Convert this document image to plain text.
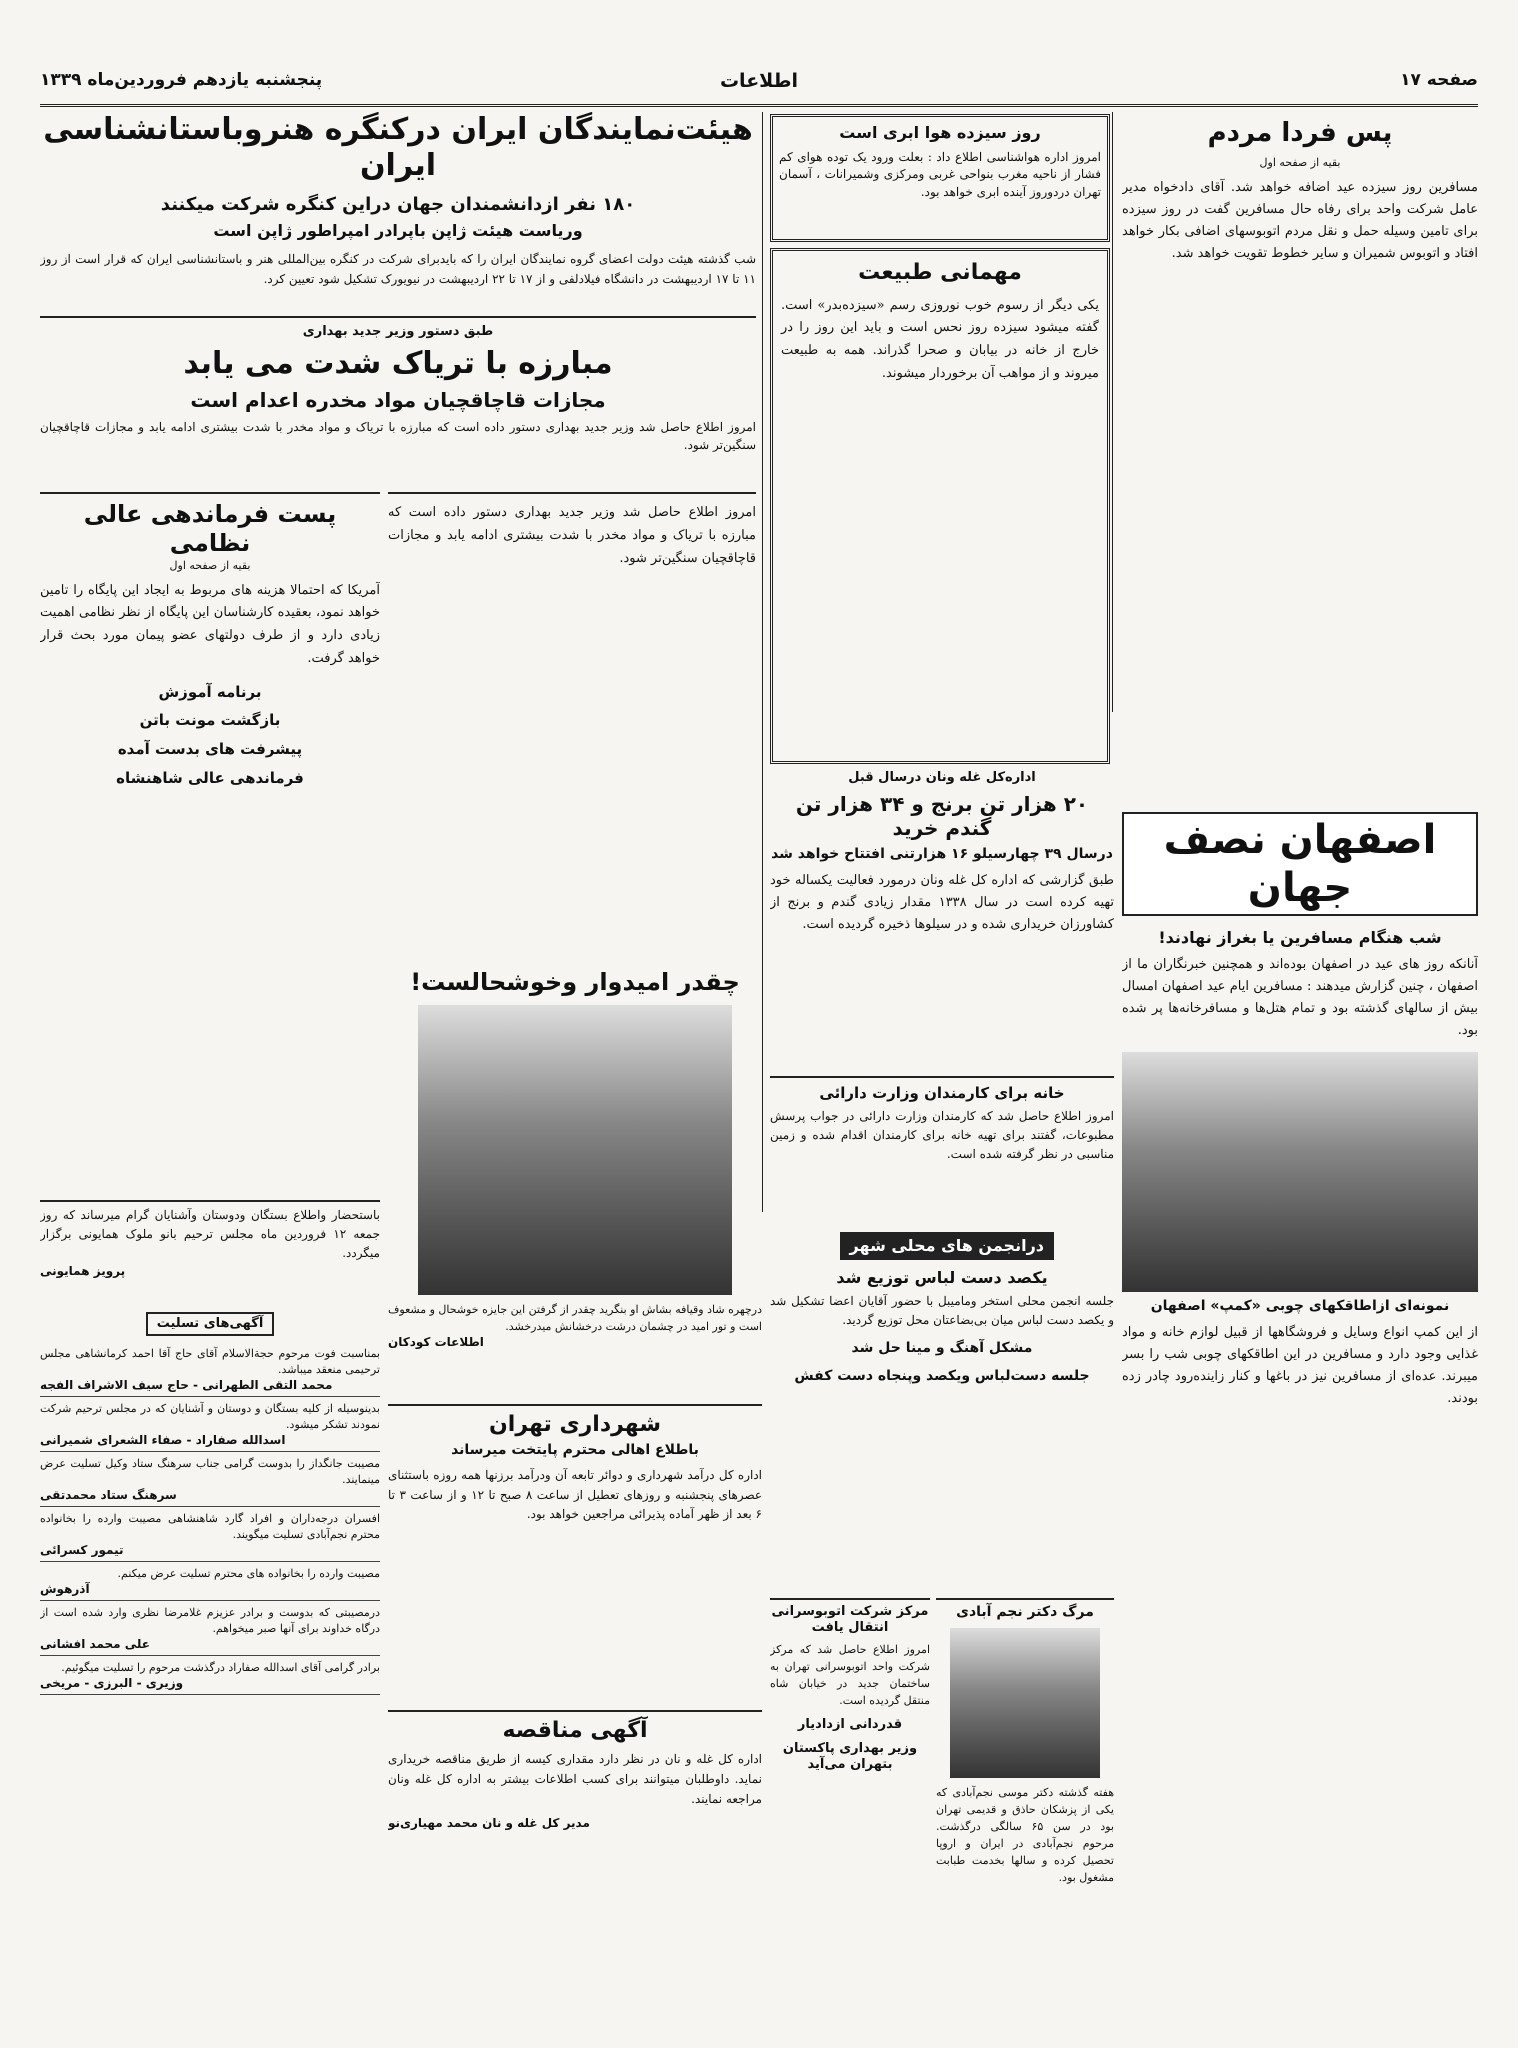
صفحه ۱۷
اطلاعات
پنجشنبه یازدهم فروردین‌ماه ۱۳۳۹
پس فردا مردم
بقیه از صفحه اول
مسافرین روز سیزده عید اضافه خواهد شد. آقای دادخواه مدیر عامل شرکت واحد برای رفاه حال مسافرین گفت در روز سیزده برای تامین وسیله حمل و نقل مردم اتوبوسهای اضافی بکار خواهد افتاد و اتوبوس شمیران و سایر خطوط تقویت خواهد شد.
روز سیزده هوا ابری است
امروز اداره هواشناسی اطلاع داد : بعلت ورود یک توده هوای کم فشار از ناحیه مغرب بنواحی غربی ومرکزی وشمیرانات ، آسمان تهران دردوروز آینده ابری خواهد بود.
مهمانی طبیعت
یکی دیگر از رسوم خوب نوروزی رسم «سیزده‌بدر» است. گفته میشود سیزده روز نحس است و باید این روز را در خارج از خانه در بیابان و صحرا گذراند. همه به طبیعت میروند و از مواهب آن برخوردار میشوند.
هیئت‌نمایندگان ایران درکنگره هنروباستانشناسی ایران
۱۸۰ نفر ازدانشمندان جهان دراین کنگره شرکت میکنند
وریاست هیئت ژاپن باپرادر امپراطور ژاپن است
شب گذشته هیئت دولت اعضای گروه نمایندگان ایران را که بایدبرای شرکت در کنگره بین‌المللی هنر و باستانشناسی ایران که قرار است از روز ۱۱ تا ۱۷ اردیبهشت در دانشگاه فیلادلفی و از ۱۷ تا ۲۲ اردیبهشت در نیویورک تشکیل شود تعیین کرد.
طبق دستور وزیر جدید بهداری
مبارزه با تریاک شدت می یابد
مجازات قاچاقچیان مواد مخدره اعدام است
امروز اطلاع حاصل شد وزیر جدید بهداری دستور داده است که مبارزه با تریاک و مواد مخدر با شدت بیشتری ادامه یابد و مجازات قاچاقچیان سنگین‌تر شود.
پست فرماندهی عالی نظامی
بقیه از صفحه اول
آمریکا که احتمالا هزینه های مربوط به ایجاد این پایگاه را تامین خواهد نمود، بعقیده کارشناسان این پایگاه از نظر نظامی اهمیت زیادی دارد و از طرف دولتهای عضو پیمان مورد بحث قرار خواهد گرفت.
برنامه آموزش
بازگشت مونت باتن
پیشرفت های بدست آمده
فرماندهی عالی شاهنشاه
امروز اطلاع حاصل شد وزیر جدید بهداری دستور داده است که مبارزه با تریاک و مواد مخدر با شدت بیشتری ادامه یابد و مجازات قاچاقچیان سنگین‌تر شود.
اصفهان نصف جهان
شب هنگام مسافرین یا بغراز نهادند!
آنانکه روز های عید در اصفهان بوده‌اند و همچنین خبرنگاران ما از اصفهان ، چنین گزارش میدهند : مسافرین ایام عید اصفهان امسال بیش از سالهای گذشته بود و تمام هتل‌ها و مسافرخانه‌ها پر شده بود.
نمونه‌ای ازاطاقکهای چوبی «کمپ» اصفهان
از این کمپ انواع وسایل و فروشگاهها از قبیل لوازم خانه و مواد غذایی وجود دارد و مسافرین در این اطاقکهای چوبی شب را بسر میبرند. عده‌ای از مسافرین نیز در باغها و کنار زاینده‌رود چادر زده بودند.
اداره‌کل غله ونان درسال قبل
۲۰ هزار تن برنج و ۳۴ هزار تن گندم خرید
درسال ۳۹ چهارسیلو ۱۶ هزارتنی افتتاح خواهد شد
طبق گزارشی که اداره کل غله ونان درمورد فعالیت یکساله خود تهیه کرده است در سال ۱۳۳۸ مقدار زیادی گندم و برنج از کشاورزان خریداری شده و در سیلوها ذخیره گردیده است.
خانه برای کارمندان وزارت دارائی
امروز اطلاع حاصل شد که کارمندان وزارت دارائی در جواب پرسش مطبوعات، گفتند برای تهیه خانه برای کارمندان اقدام شده و زمین مناسبی در نظر گرفته شده است.
چقدر امیدوار وخوشحالست!
درچهره شاد وقیافه بشاش او بنگرید چقدر از گرفتن این جایزه خوشحال و مشعوف است و تور امید در چشمان درشت درخشانش میدرخشد.
اطلاعات کودکان
درانجمن های محلی شهر
یکصد دست لباس توزیع شد
جلسه انجمن محلی استخر ومامیبل با حضور آقایان اعضا تشکیل شد و یکصد دست لباس میان بی‌بضاعتان محل توزیع گردید.
مشکل آهنگ و مینا حل شد
جلسه دست‌لباس ویکصد وپنجاه دست کفش
آگهی‌های تسلیت
بمناسبت فوت مرحوم حجةالاسلام آقای حاج آقا احمد کرمانشاهی مجلس ترحیمی منعقد میباشد.
محمد التقی الطهرانی - حاج سیف الاشراف الفجه
بدینوسیله از کلیه بستگان و دوستان و آشنایان که در مجلس ترحیم شرکت نمودند تشکر میشود.
اسدالله صفاراد - صفاء الشعرای شمیرانی
مصیبت جانگداز را بدوست گرامی جناب سرهنگ ستاد وکیل تسلیت عرض مینمایند.
سرهنگ ستاد محمدتقی
افسران درجه‌داران و افراد گارد شاهنشاهی مصیبت وارده را بخانواده محترم نجم‌آبادی تسلیت میگویند.
تیمور کسرائی
مصیبت وارده را بخانواده های محترم تسلیت عرض میکنم.
آذرهوش
درمصیبتی که بدوست و برادر عزیزم غلامرضا نظری وارد شده است از درگاه خداوند برای آنها صبر میخواهم.
علی محمد افشانی
برادر گرامی آقای اسدالله صفاراد درگذشت مرحوم را تسلیت میگوئیم.
وزیری - البرزی - مریخی
باستحضار واطلاع بستگان ودوستان وآشنایان گرام میرساند که روز جمعه ۱۲ فروردین ماه مجلس ترحیم بانو ملوک همایونی برگزار میگردد.
پرویز همایونی
شهرداری تهران
باطلاع اهالی محترم پایتخت میرساند
اداره کل درآمد شهرداری و دوائر تابعه آن ودرآمد برزنها همه روزه باستثنای عصرهای پنجشنبه و روزهای تعطیل از ساعت ۸ صبح تا ۱۲ و از ساعت ۳ تا ۶ بعد از ظهر آماده پذیرائی مراجعین خواهد بود.
آگهی مناقصه
اداره کل غله و نان در نظر دارد مقداری کیسه از طریق مناقصه خریداری نماید. داوطلبان میتوانند برای کسب اطلاعات بیشتر به اداره کل غله ونان مراجعه نمایند.
مدیر کل غله و نان محمد مهیاری‌نو
مرگ دکتر نجم آبادی
هفته گذشته دکتر موسی نجم‌آبادی که یکی از پزشکان حاذق و قدیمی تهران بود در سن ۶۵ سالگی درگذشت. مرحوم نجم‌آبادی در ایران و اروپا تحصیل کرده و سالها بخدمت طبابت مشغول بود.
مرکز شرکت اتوبوسرانی انتقال یافت
امروز اطلاع حاصل شد که مرکز شرکت واحد اتوبوسرانی تهران به ساختمان جدید در خیابان شاه منتقل گردیده است.
قدردانی ازدادیار
وزیر بهداری پاکستان بتهران می‌آید
